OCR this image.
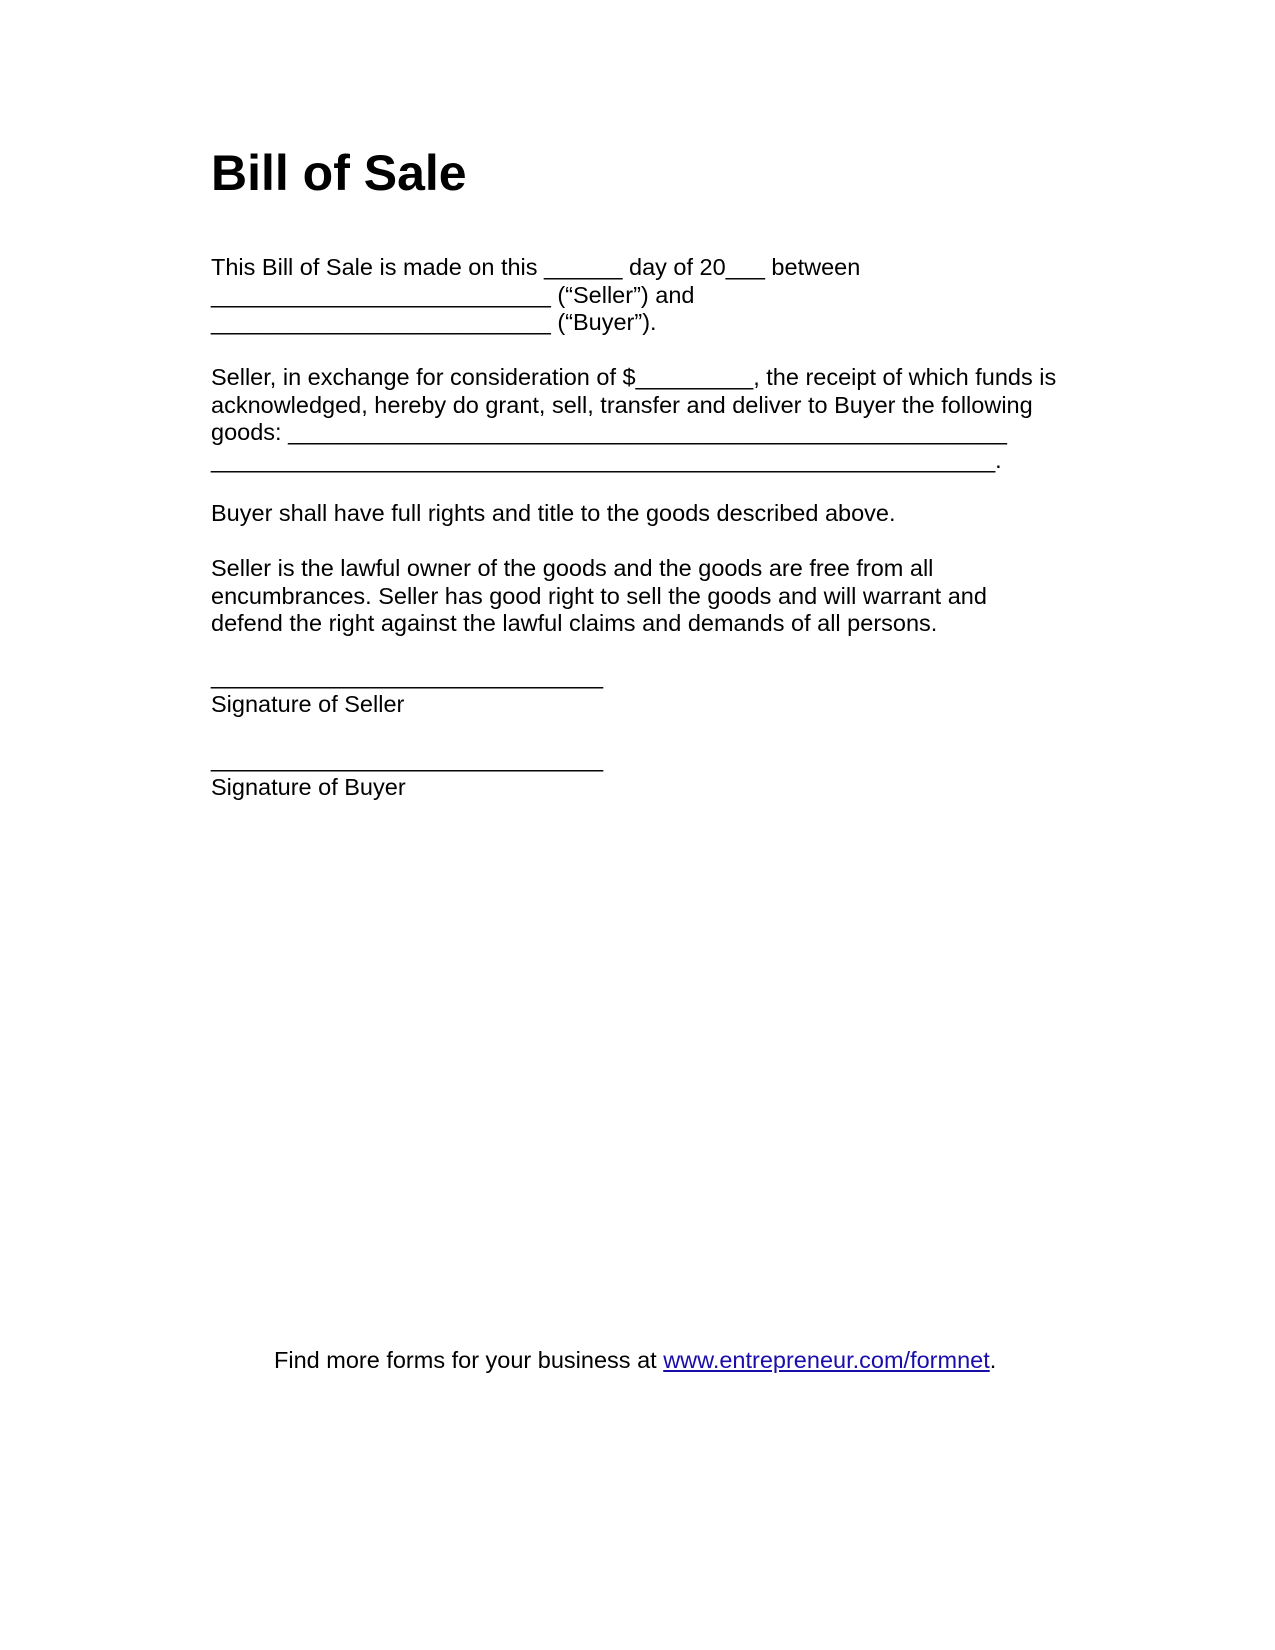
Bill of Sale
This Bill of Sale is made on this ______ day of 20___ between
__________________________ (“Seller”) and
__________________________ (“Buyer”).
Seller, in exchange for consideration of $_________, the receipt of which funds is
acknowledged, hereby do grant, sell, transfer and deliver to Buyer the following
goods: _______________________________________________________
____________________________________________________________.
Buyer shall have full rights and title to the goods described above.
Seller is the lawful owner of the goods and the goods are free from all
encumbrances. Seller has good right to sell the goods and will warrant and
defend the right against the lawful claims and demands of all persons.
______________________________
Signature of Seller
______________________________
Signature of Buyer

Find more forms for your business at www.entrepreneur.com/formnet.
